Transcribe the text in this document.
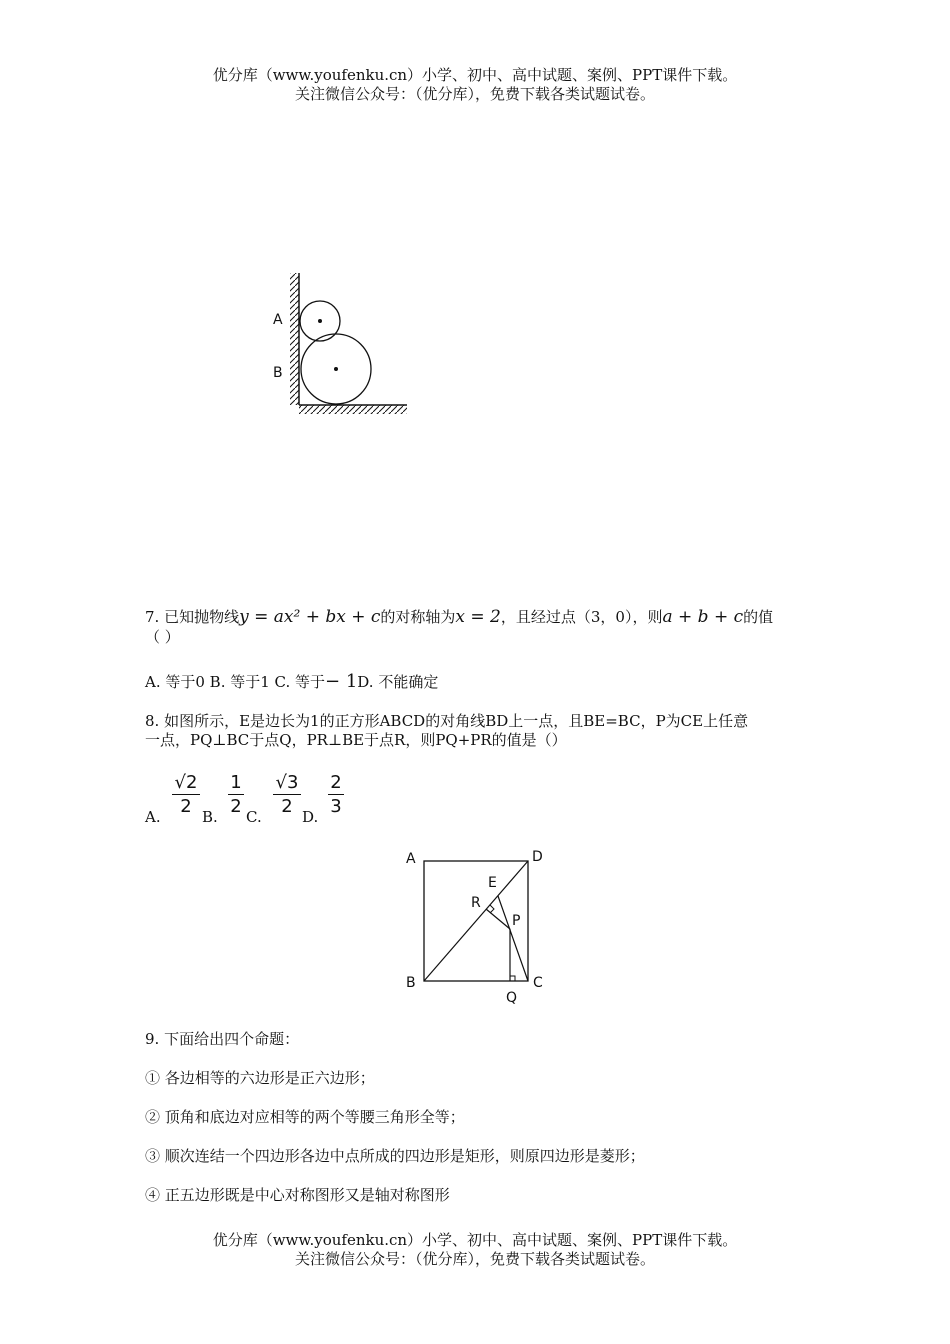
优分库（www.youfenku.cn）小学、初中、高中试题、案例、PPT课件下载。
关注微信公众号：（优分库），免费下载各类试题试卷。
A
B
7. 已知抛物线y = ax² + bx + c的对称轴为x = 2，且经过点（3，0），则a + b + c的值
（ ）
A. 等于0 B. 等于1 C. 等于− 1D. 不能确定
8. 如图所示，E是边长为1的正方形ABCD的对角线BD上一点，且BE=BC，P为CE上任意
一点，PQ⊥BC于点Q，PR⊥BE于点R，则PQ+PR的值是（）
A.
√2
2 B.
1
2 C.
√3
2 D.
2
3
A	D
B	C
E
R
P
Q
9. 下面给出四个命题：
① 各边相等的六边形是正六边形；
② 顶角和底边对应相等的两个等腰三角形全等；
③ 顺次连结一个四边形各边中点所成的四边形是矩形，则原四边形是菱形；
④ 正五边形既是中心对称图形又是轴对称图形
优分库（www.youfenku.cn）小学、初中、高中试题、案例、PPT课件下载。
关注微信公众号：（优分库），免费下载各类试题试卷。
